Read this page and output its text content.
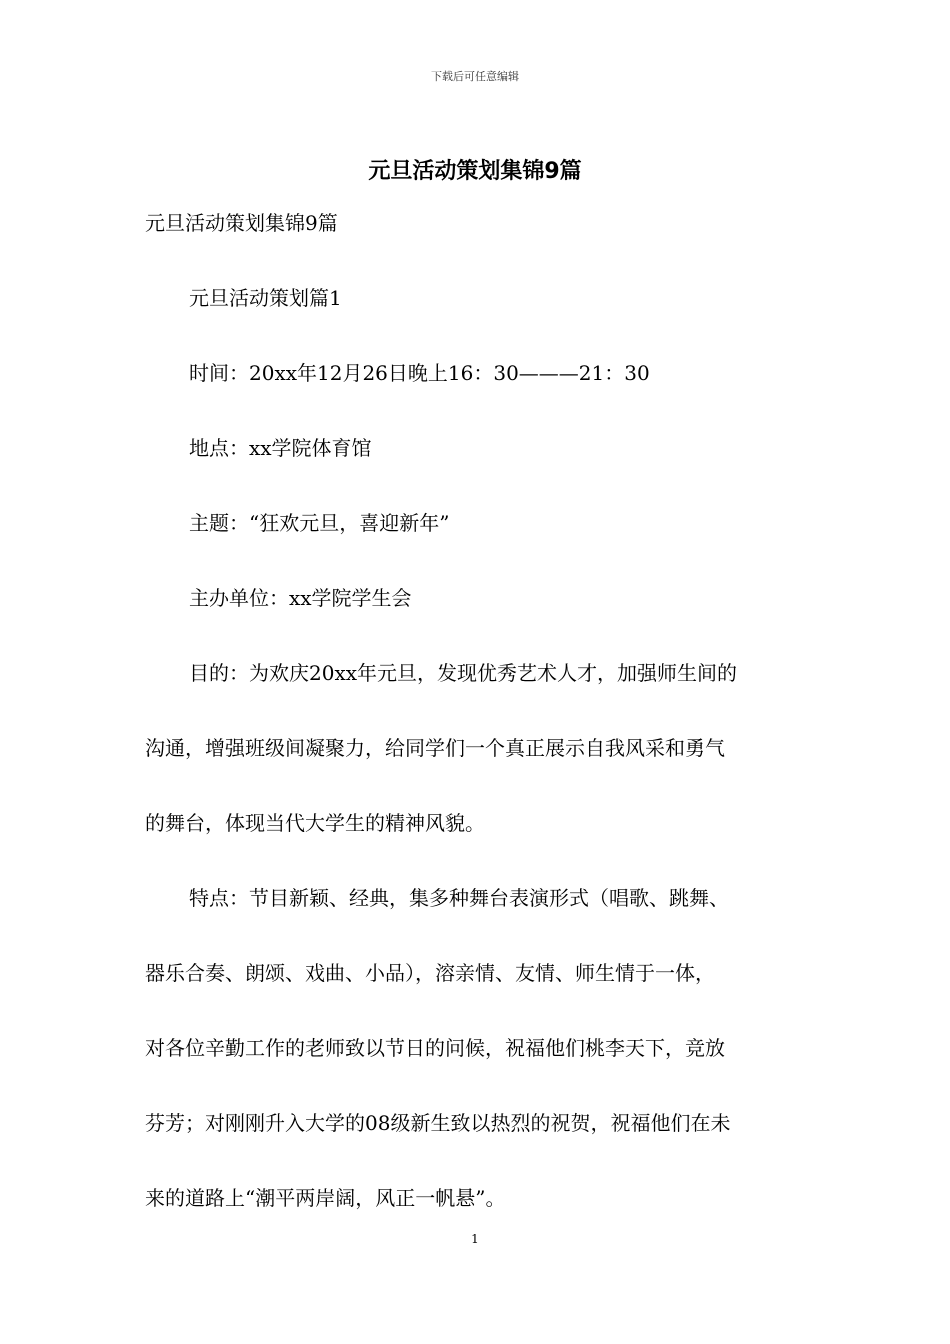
下载后可任意编辑
元旦活动策划集锦9篇

元旦活动策划集锦9篇

元旦活动策划篇1

时间：20xx年12月26日晚上16：30———21：30

地点：xx学院体育馆

主题：“狂欢元旦，喜迎新年”

主办单位：xx学院学生会

目的：为欢庆20xx年元旦，发现优秀艺术人才，加强师生间的

沟通，增强班级间凝聚力，给同学们一个真正展示自我风采和勇气

的舞台，体现当代大学生的精神风貌。

特点：节目新颖、经典，集多种舞台表演形式（唱歌、跳舞、

器乐合奏、朗颂、戏曲、小品），溶亲情、友情、师生情于一体，

对各位辛勤工作的老师致以节日的问候，祝福他们桃李天下，竞放

芬芳；对刚刚升入大学的08级新生致以热烈的祝贺，祝福他们在未

来的道路上“潮平两岸阔，风正一帆悬”。

1
